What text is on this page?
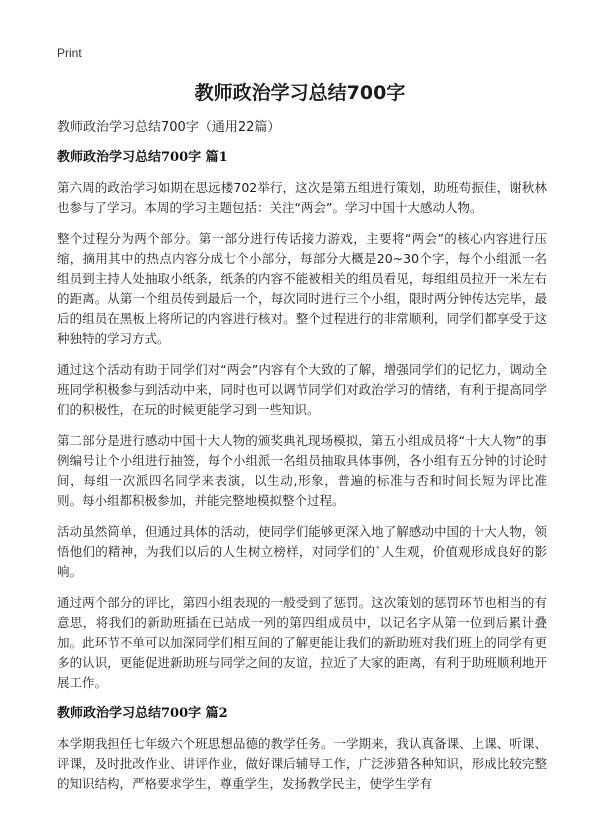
Print
教师政治学习总结700字

教师政治学习总结700字（通用22篇）

教师政治学习总结700字 篇1

第六周的政治学习如期在思远楼702举行，这次是第五组进行策划，助班苟振佳，谢秋林也参与了学习。本周的学习主题包括：关注“两会”。学习中国十大感动人物。

整个过程分为两个部分。第一部分进行传话接力游戏，主要将“两会”的核心内容进行压缩，摘用其中的热点内容分成七个小部分，每部分大概是20~30个字，每个小组派一名组员到主持人处抽取小纸条，纸条的内容不能被相关的组员看见，每组组员拉开一米左右的距离。从第一个组员传到最后一个，每次同时进行三个小组，限时两分钟传达完毕，最后的组员在黑板上将所记的内容进行核对。整个过程进行的非常顺利，同学们都享受于这种独特的学习方式。

通过这个活动有助于同学们对“两会”内容有个大致的了解，增强同学们的记忆力，调动全班同学积极参与到活动中来，同时也可以调节同学们对政治学习的情绪，有利于提高同学们的积极性，在玩的时候更能学习到一些知识。

第二部分是进行感动中国十大人物的颁奖典礼现场模拟，第五小组成员将“十大人物”的事例编号让个小组进行抽签，每个小组派一名组员抽取具体事例，各小组有五分钟的讨论时间，每组一次派四名同学来表演，以生动,形象，普遍的标准与否和时间长短为评比准则。每小组都积极参加，并能完整地模拟整个过程。

活动虽然简单，但通过具体的活动，使同学们能够更深入地了解感动中国的十大人物，领悟他们的精神，为我们以后的人生树立榜样，对同学们的`人生观，价值观形成良好的影响。

通过两个部分的评比，第四小组表现的一般受到了惩罚。这次策划的惩罚环节也相当的有意思，将我们的新助班插在已站成一列的第四组成员中，以记名字从第一位到后累计叠加。此环节不单可以加深同学们相互间的了解更能让我们的新助班对我们班上的同学有更多的认识，更能促进新助班与同学之间的友谊，拉近了大家的距离，有利于助班顺利地开展工作。

教师政治学习总结700字 篇2

本学期我担任七年级六个班思想品德的教学任务。一学期来，我认真备课、上课、听课、评课，及时批改作业、讲评作业，做好课后辅导工作，广泛涉猎各种知识，形成比较完整的知识结构，严格要求学生，尊重学生，发扬教学民主，使学生学有
